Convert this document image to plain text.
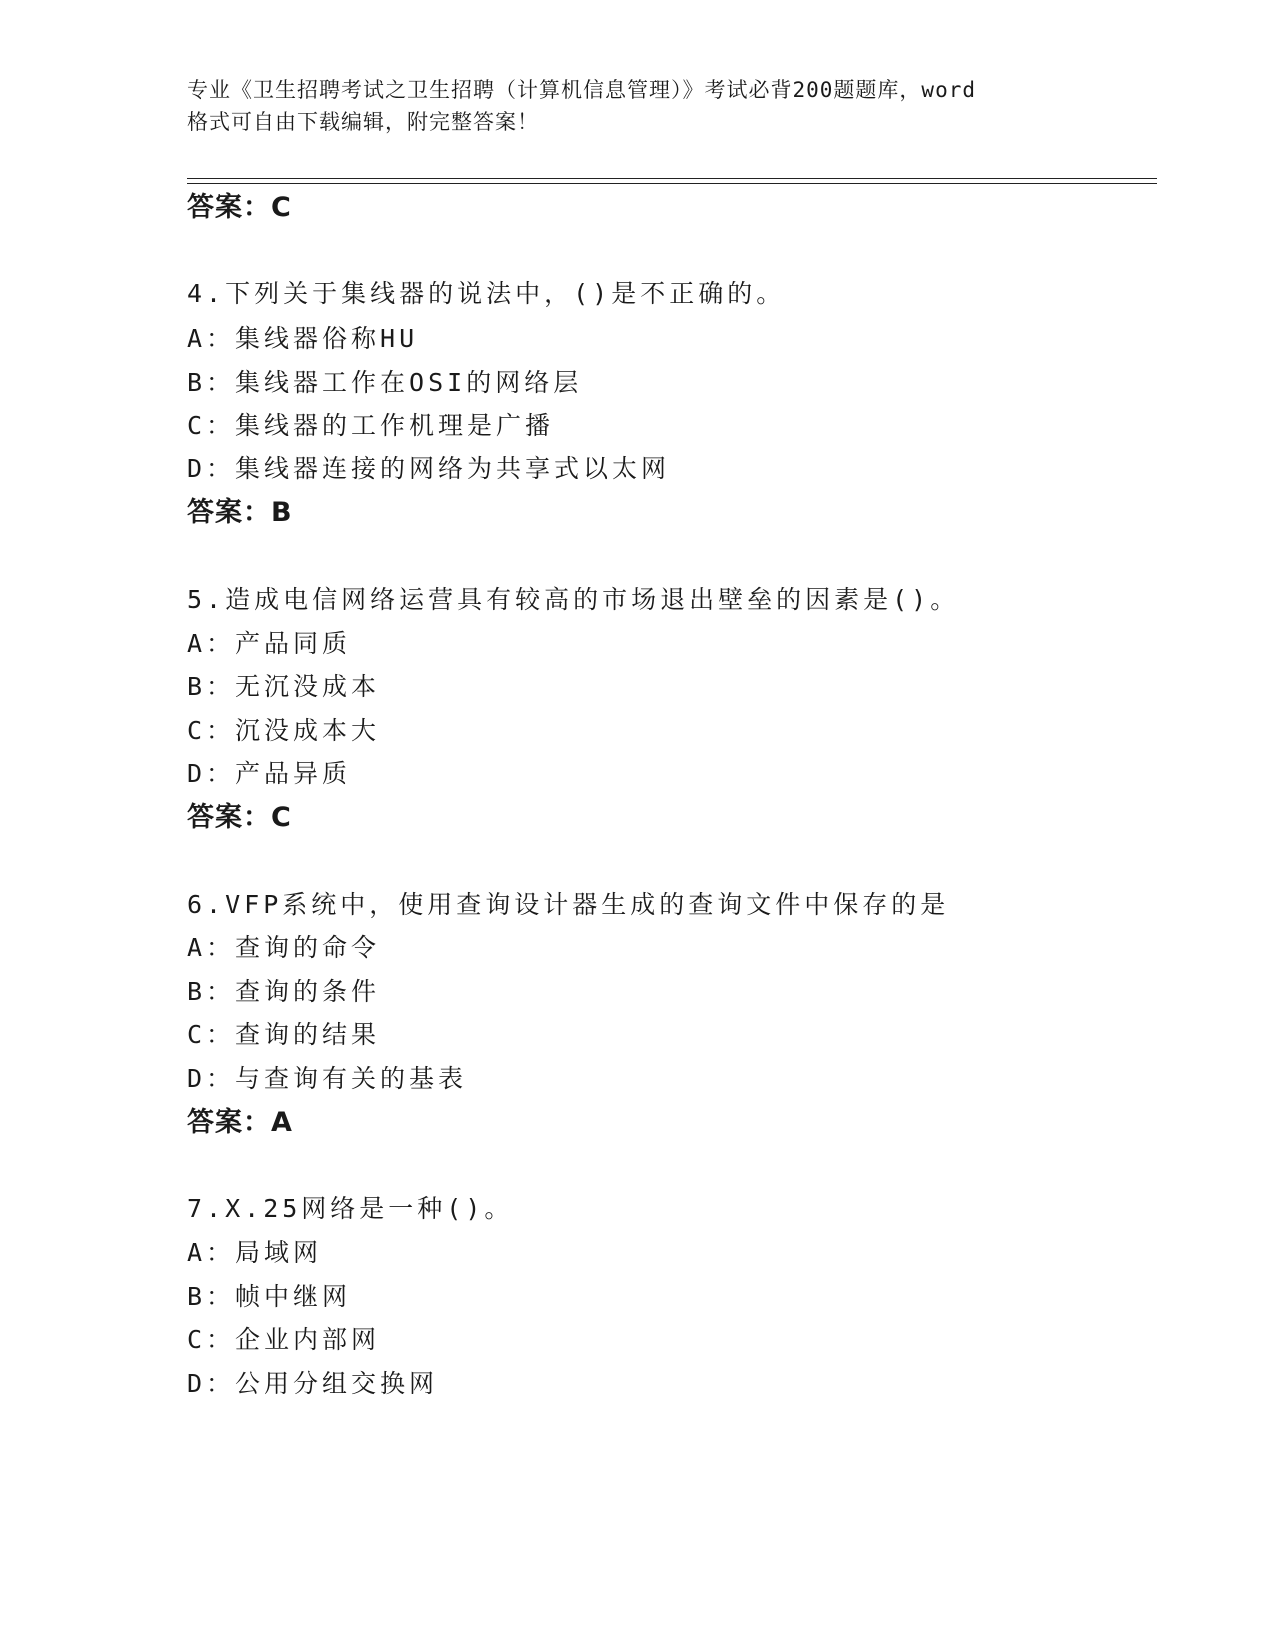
专业《卫生招聘考试之卫生招聘（计算机信息管理）》考试必背200题题库，word
格式可自由下载编辑，附完整答案！
答案：C
4.下列关于集线器的说法中，()是不正确的。
A：集线器俗称HU
B：集线器工作在OSI的网络层
C：集线器的工作机理是广播
D：集线器连接的网络为共享式以太网
答案：B
5.造成电信网络运营具有较高的市场退出壁垒的因素是()。
A：产品同质
B：无沉没成本
C：沉没成本大
D：产品异质
答案：C
6.VFP系统中，使用查询设计器生成的查询文件中保存的是
A：查询的命令
B：查询的条件
C：查询的结果
D：与查询有关的基表
答案：A
7.X.25网络是一种()。
A：局域网
B：帧中继网
C：企业内部网
D：公用分组交换网
